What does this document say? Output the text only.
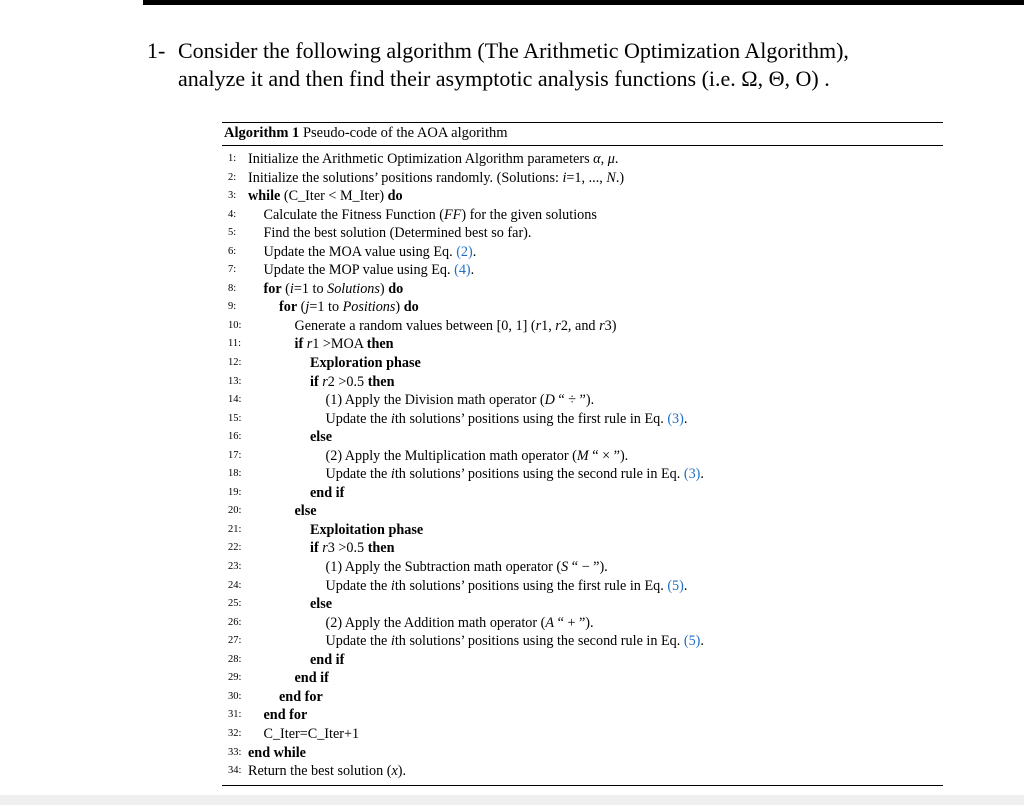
1- Consider the following algorithm (The Arithmetic Optimization Algorithm),
analyze it and then find their asymptotic analysis functions (i.e. Ω, Θ, O) .
Algorithm 1 Pseudo-code of the AOA algorithm
1: Initialize the Arithmetic Optimization Algorithm parameters α, μ.
2: Initialize the solutions’ positions randomly. (Solutions: i=1, ..., N.)
3: while (C_Iter < M_Iter) do
4: Calculate the Fitness Function (FF) for the given solutions
5: Find the best solution (Determined best so far).
6: Update the MOA value using Eq. (2).
7: Update the MOP value using Eq. (4).
8: for (i=1 to Solutions) do
9:	for (j=1 to Positions) do
10:	Generate a random values between [0, 1] (r1, r2, and r3)
11:	if r1 >MOA then
12:	Exploration phase
13:	if r2 >0.5 then
14:	(1) Apply the Division math operator (D “ ÷ ”).
15:	Update the ith solutions’ positions using the first rule in Eq. (3).
16:	else
17:	(2) Apply the Multiplication math operator (M “ × ”).
18:	Update the ith solutions’ positions using the second rule in Eq. (3).
19:	end if
20:	else
21:	Exploitation phase
22:	if r3 >0.5 then
23:	(1) Apply the Subtraction math operator (S “ − ”).
24:	Update the ith solutions’ positions using the first rule in Eq. (5).
25:	else
26:	(2) Apply the Addition math operator (A “ + ”).
27:	Update the ith solutions’ positions using the second rule in Eq. (5).
28:	end if
29:	end if
30:	end for
31: end for
32: C_Iter=C_Iter+1
33: end while
34: Return the best solution (x).
